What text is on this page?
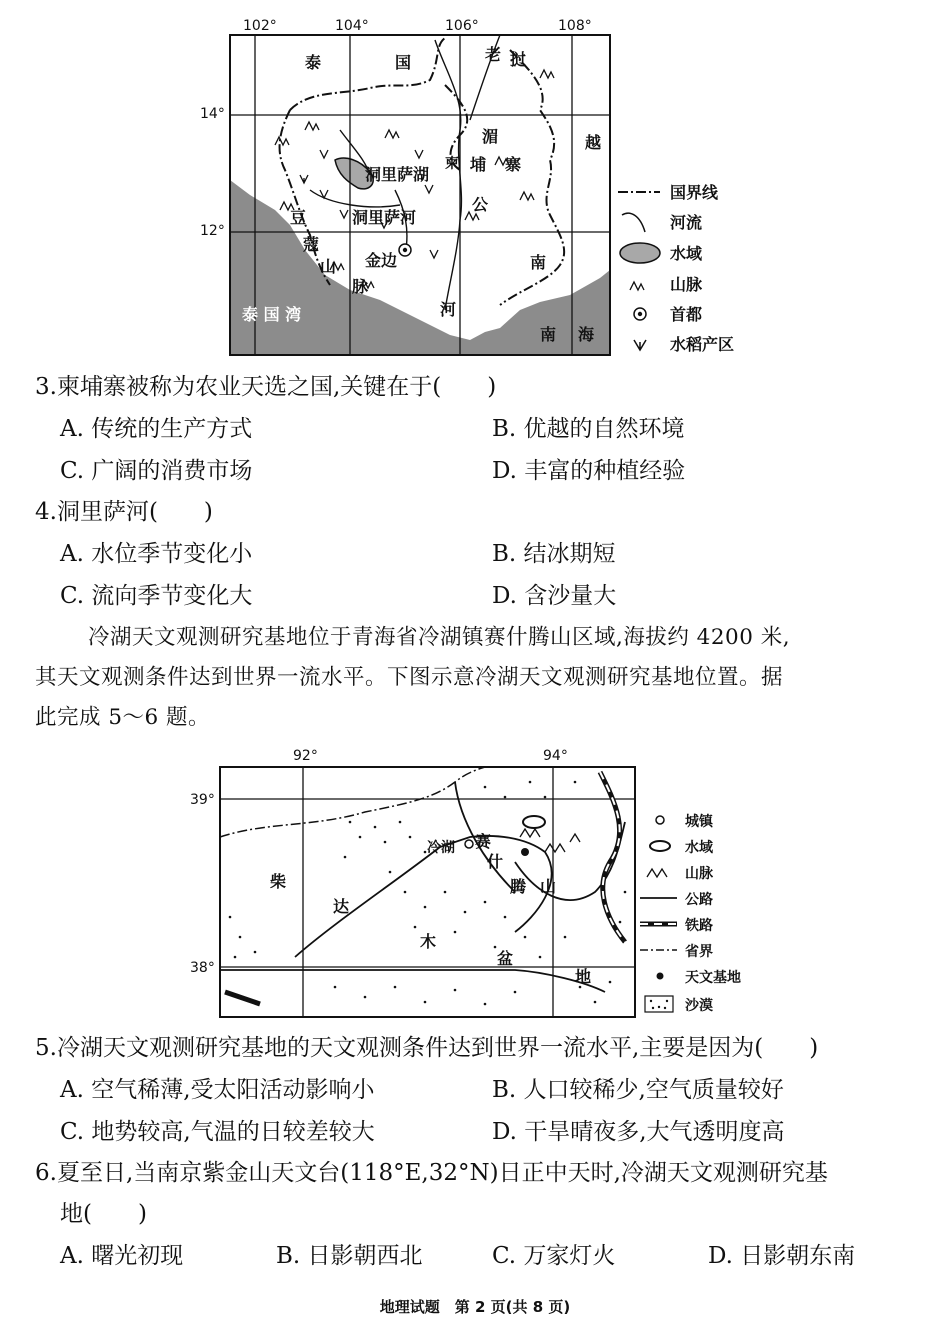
102°	104°	106°	108°
14°
12°
泰	国	老 挝
越
柬 埔 寨
湄
公
河
南
南 海
洞里萨湖
洞里萨河
豆
蔻
山
脉
金边
泰 国 湾
国界线
河流
水域
山脉
首都
水稻产区
3.柬埔寨被称为农业天选之国,关键在于(　　)
A. 传统的生产方式	B. 优越的自然环境
C. 广阔的消费市场	D. 丰富的种植经验
4.洞里萨河(　　)
A. 水位季节变化小	B. 结冰期短
C. 流向季节变化大	D. 含沙量大
冷湖天文观测研究基地位于青海省冷湖镇赛什腾山区域,海拔约 4200 米,
其天文观测条件达到世界一流水平。下图示意冷湖天文观测研究基地位置。据
此完成 5～6 题。
92°	94°
39°
38°
冷湖 赛
什
腾 山
柴
达
木
盆
地
城镇
水域
山脉
公路
铁路
省界
天文基地
沙漠
5.冷湖天文观测研究基地的天文观测条件达到世界一流水平,主要是因为(　　)
A. 空气稀薄,受太阳活动影响小	B. 人口较稀少,空气质量较好
C. 地势较高,气温的日较差较大	D. 干旱晴夜多,大气透明度高
6.夏至日,当南京紫金山天文台(118°E,32°N)日正中天时,冷湖天文观测研究基
地(　　)
A. 曙光初现	B. 日影朝西北	C. 万家灯火	D. 日影朝东南
地理试题　第 2 页(共 8 页)
